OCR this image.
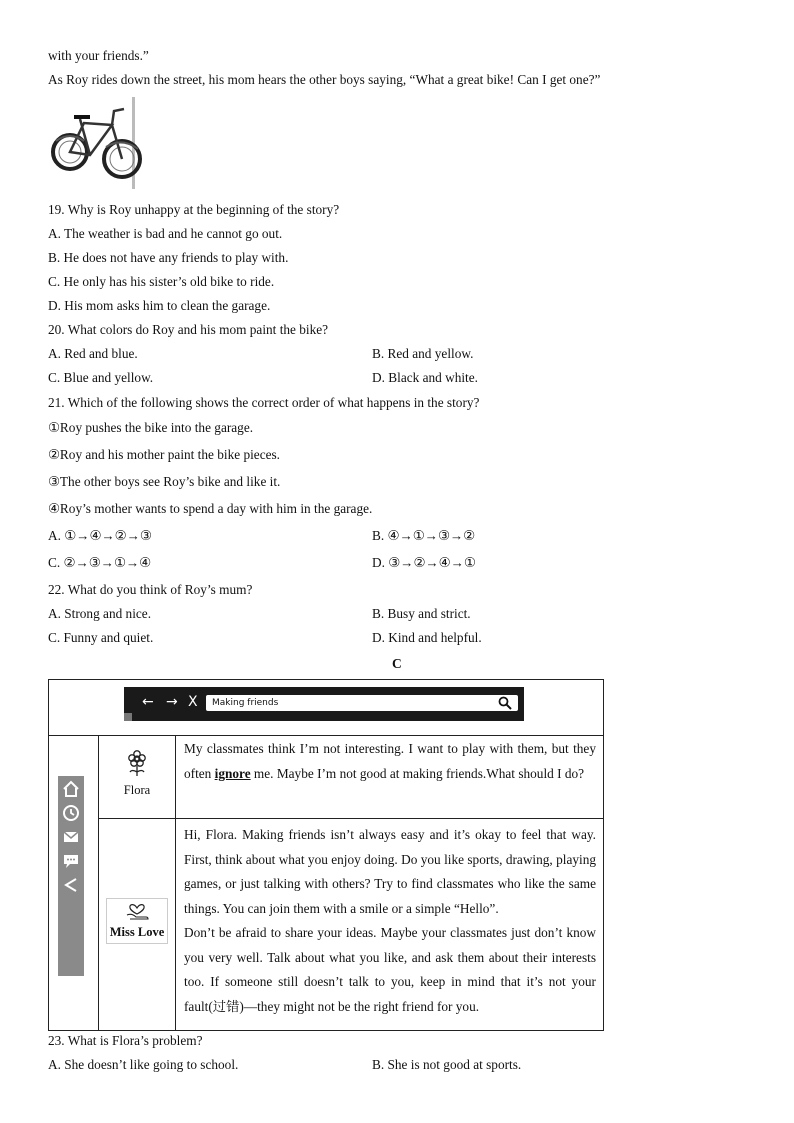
with your friends.”
As Roy rides down the street, his mom hears the other boys saying, “What a great bike! Can I get one?”
19. Why is Roy unhappy at the beginning of the story?
A. The weather is bad and he cannot go out.
B. He does not have any friends to play with.
C. He only has his sister’s old bike to ride.
D. His mom asks him to clean the garage.
20. What colors do Roy and his mom paint the bike?
A. Red and blue.	B. Red and yellow.
C. Blue and yellow.	D. Black and white.
21. Which of the following shows the correct order of what happens in the story?
①Roy pushes the bike into the garage.
②Roy and his mother paint the bike pieces.
③The other boys see Roy’s bike and like it.
④Roy’s mother wants to spend a day with him in the garage.
A. ①→④→②→③	B. ④→①→③→②
C. ②→③→①→④	D. ③→②→④→①
22. What do you think of Roy’s mum?
A. Strong and nice.	B. Busy and strict.
C. Funny and quiet.	D. Kind and helpful.
C
← → X	Making friends
Flora
Miss Love
My classmates think I’m not interesting. I want to play with them, but they often ignore me. Maybe I’m not good at making friends.What should I do?
Hi, Flora. Making friends isn’t always easy and it’s okay to feel that way. First, think about what you enjoy doing. Do you like sports, drawing, playing games, or just talking with others? Try to find classmates who like the same things. You can join them with a smile or a simple “Hello”.
Don’t be afraid to share your ideas. Maybe your classmates just don’t know you very well. Talk about what you like, and ask them about their interests too. If someone still doesn’t talk to you, keep in mind that it’s not your fault(过错)—they might not be the right friend for you.
23. What is Flora’s problem?
A. She doesn’t like going to school.	B. She is not good at sports.
